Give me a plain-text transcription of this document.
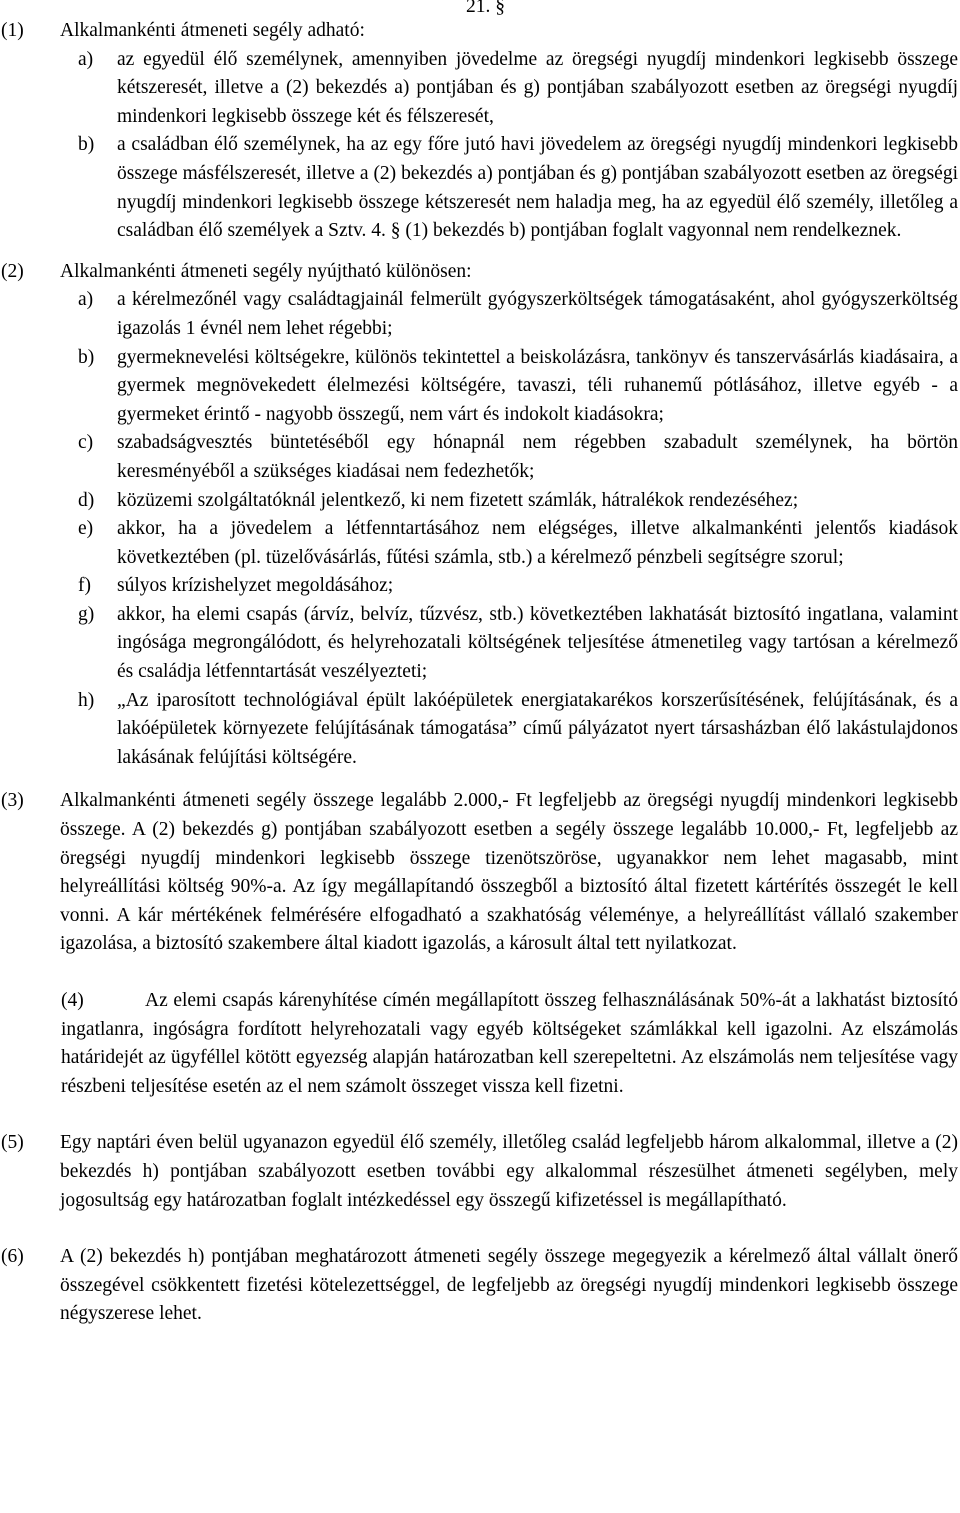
21. §
(1)	Alkalmankénti átmeneti segély adható:
a)	az egyedül élő személynek, amennyiben jövedelme az öregségi nyugdíj mindenkori legkisebb összege kétszeresét, illetve a (2) bekezdés a) pontjában és g) pontjában szabályozott esetben az öregségi nyugdíj mindenkori legkisebb összege két és félszeresét,
b)	a családban élő személynek, ha az egy főre jutó havi jövedelem az öregségi nyugdíj mindenkori legkisebb összege másfélszeresét, illetve a (2) bekezdés a) pontjában és g) pontjában szabályozott esetben az öregségi nyugdíj mindenkori legkisebb összege kétszeresét nem haladja meg, ha az egyedül élő személy, illetőleg a családban élő személyek a Sztv. 4. § (1) bekezdés b) pontjában foglalt vagyonnal nem rendelkeznek.
(2)	Alkalmankénti átmeneti segély nyújtható különösen:
a)	a kérelmezőnél vagy családtagjainál felmerült gyógyszerköltségek támogatásaként, ahol gyógyszerköltség igazolás 1 évnél nem lehet régebbi;
b)	gyermeknevelési költségekre, különös tekintettel a beiskolázásra, tankönyv és tanszervásárlás kiadásaira, a gyermek megnövekedett élelmezési költségére, tavaszi, téli ruhanemű pótlásához, illetve egyéb - a gyermeket érintő - nagyobb összegű, nem várt és indokolt kiadásokra;
c)	szabadságvesztés büntetéséből egy hónapnál nem régebben szabadult személynek, ha börtön keresményéből a szükséges kiadásai nem fedezhetők;
d)	közüzemi szolgáltatóknál jelentkező, ki nem fizetett számlák, hátralékok rendezéséhez;
e)	akkor, ha a jövedelem a létfenntartásához nem elégséges, illetve alkalmankénti jelentős kiadások következtében (pl. tüzelővásárlás, fűtési számla, stb.) a kérelmező pénzbeli segítségre szorul;
f)	súlyos krízishelyzet megoldásához;
g)	akkor, ha elemi csapás (árvíz, belvíz, tűzvész, stb.) következtében lakhatását biztosító ingatlana, valamint ingósága megrongálódott, és helyrehozatali költségének teljesítése átmenetileg vagy tartósan a kérelmező és családja létfenntartását veszélyezteti;
h)	„Az iparosított technológiával épült lakóépületek energiatakarékos korszerűsítésének, felújításának, és a lakóépületek környezete felújításának támogatása” című pályázatot nyert társasházban élő lakástulajdonos lakásának felújítási költségére.
(3)	Alkalmankénti átmeneti segély összege legalább 2.000,- Ft legfeljebb az öregségi nyugdíj mindenkori legkisebb összege. A (2) bekezdés g) pontjában szabályozott esetben a segély összege legalább 10.000,- Ft, legfeljebb az öregségi nyugdíj mindenkori legkisebb összege tizenötszöröse, ugyanakkor nem lehet magasabb, mint helyreállítási költség 90%-a. Az így megállapítandó összegből a biztosító által fizetett kártérítés összegét le kell vonni. A kár mértékének felmérésére elfogadható a szakhatóság véleménye, a helyreállítást vállaló szakember igazolása, a biztosító szakembere által kiadott igazolás, a károsult által tett nyilatkozat.
(4)	Az elemi csapás kárenyhítése címén megállapított összeg felhasználásának 50%-át a lakhatást biztosító ingatlanra, ingóságra fordított helyrehozatali vagy egyéb költségeket számlákkal kell igazolni. Az elszámolás határidejét az ügyféllel kötött egyezség alapján határozatban kell szerepeltetni. Az elszámolás nem teljesítése vagy részbeni teljesítése esetén az el nem számolt összeget vissza kell fizetni.
(5)	Egy naptári éven belül ugyanazon egyedül élő személy, illetőleg család legfeljebb három alkalommal, illetve a (2) bekezdés h) pontjában szabályozott esetben további egy alkalommal részesülhet átmeneti segélyben, mely jogosultság egy határozatban foglalt intézkedéssel egy összegű kifizetéssel is megállapítható.
(6)	A (2) bekezdés h) pontjában meghatározott átmeneti segély összege megegyezik a kérelmező által vállalt önerő összegével csökkentett fizetési kötelezettséggel, de legfeljebb az öregségi nyugdíj mindenkori legkisebb összege négyszerese lehet.
